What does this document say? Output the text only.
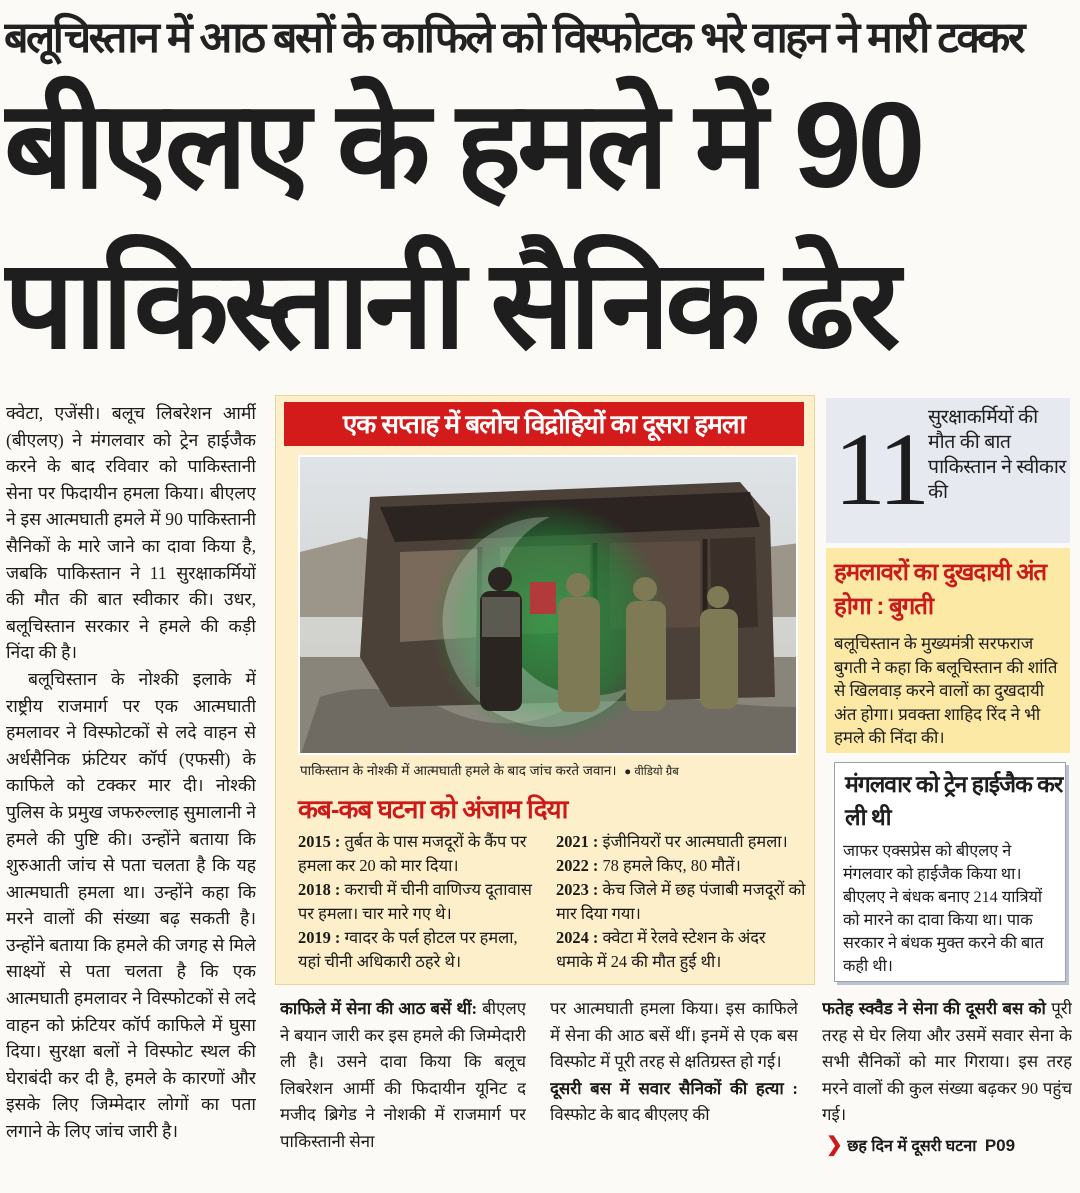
बलूचिस्तान में आठ बसों के काफिले को विस्फोटक भरे वाहन ने मारी टक्कर
बीएलए के हमले में 90
पाकिस्तानी सैनिक ढेर

क्वेटा, एजेंसी। बलूच लिबरेशन आर्मी (बीएलए) ने मंगलवार को ट्रेन हाईजैक करने के बाद रविवार को पाकिस्तानी सेना पर फिदायीन हमला किया। बीएलए ने इस आत्मघाती हमले में 90 पाकिस्तानी सैनिकों के मारे जाने का दावा किया है, जबकि पाकिस्तान ने 11 सुरक्षाकर्मियों की मौत की बात स्वीकार की। उधर, बलूचिस्तान सरकार ने हमले की कड़ी निंदा की है।

बलूचिस्तान के नोश्की इलाके में राष्ट्रीय राजमार्ग पर एक आत्मघाती हमलावर ने विस्फोटकों से लदे वाहन से अर्धसैनिक फ्रंटियर कॉर्प (एफसी) के काफिले को टक्कर मार दी। नोश्की पुलिस के प्रमुख जफरुल्लाह सुमालानी ने हमले की पुष्टि की। उन्होंने बताया कि शुरुआती जांच से पता चलता है कि यह आत्मघाती हमला था। उन्होंने कहा कि मरने वालों की संख्या बढ़ सकती है। उन्होंने बताया कि हमले की जगह से मिले साक्ष्यों से पता चलता है कि एक आत्मघाती हमलावर ने विस्फोटकों से लदे वाहन को फ्रंटियर कॉर्प काफिले में घुसा दिया। सुरक्षा बलों ने विस्फोट स्थल की घेराबंदी कर दी है, हमले के कारणों और इसके लिए जिम्मेदार लोगों का पता लगाने के लिए जांच जारी है।

एक सप्ताह में बलोच विद्रोहियों का दूसरा हमला
पाकिस्तान के नोश्की में आत्मघाती हमले के बाद जांच करते जवान। ● वीडियो ग्रैब
कब-कब घटना को अंजाम दिया
2015 : तुर्बत के पास मजदूरों के कैंप पर हमला कर 20 को मार दिया।
2018 : कराची में चीनी वाणिज्य दूतावास पर हमला। चार मारे गए थे।
2019 : ग्वादर के पर्ल होटल पर हमला, यहां चीनी अधिकारी ठहरे थे।
2021 : इंजीनियरों पर आत्मघाती हमला।
2022 : 78 हमले किए, 80 मौतें।
2023 : केच जिले में छह पंजाबी मजदूरों को मार दिया गया।
2024 : क्वेटा में रेलवे स्टेशन के अंदर धमाके में 24 की मौत हुई थी।
11 सुरक्षाकर्मियों की मौत की बात पाकिस्तान ने स्वीकार की
हमलावरों का दुखदायी अंत होगा : बुगती
बलूचिस्तान के मुख्यमंत्री सरफराज बुगती ने कहा कि बलूचिस्तान की शांति से खिलवाड़ करने वालों का दुखदायी अंत होगा। प्रवक्ता शाहिद रिंद ने भी हमले की निंदा की।
मंगलवार को ट्रेन हाईजैक कर ली थी
जाफर एक्सप्रेस को बीएलए ने मंगलवार को हाईजैक किया था। बीएलए ने बंधक बनाए 214 यात्रियों को मारने का दावा किया था। पाक सरकार ने बंधक मुक्त करने की बात कही थी।
काफिले में सेना की आठ बसें थीं: बीएलए ने बयान जारी कर इस हमले की जिम्मेदारी ली है। उसने दावा किया कि बलूच लिबरेशन आर्मी की फिदायीन यूनिट द मजीद ब्रिगेड ने नोशकी में राजमार्ग पर पाकिस्तानी सेना
पर आत्मघाती हमला किया। इस काफिले में सेना की आठ बसें थीं। इनमें से एक बस विस्फोट में पूरी तरह से क्षतिग्रस्त हो गई।
दूसरी बस में सवार सैनिकों की हत्या : विस्फोट के बाद बीएलए की
फतेह स्क्वैड ने सेना की दूसरी बस को पूरी तरह से घेर लिया और उसमें सवार सेना के सभी सैनिकों को मार गिराया। इस तरह मरने वालों की कुल संख्या बढ़कर 90 पहुंच गई।
❯ छह दिन में दूसरी घटना P09
